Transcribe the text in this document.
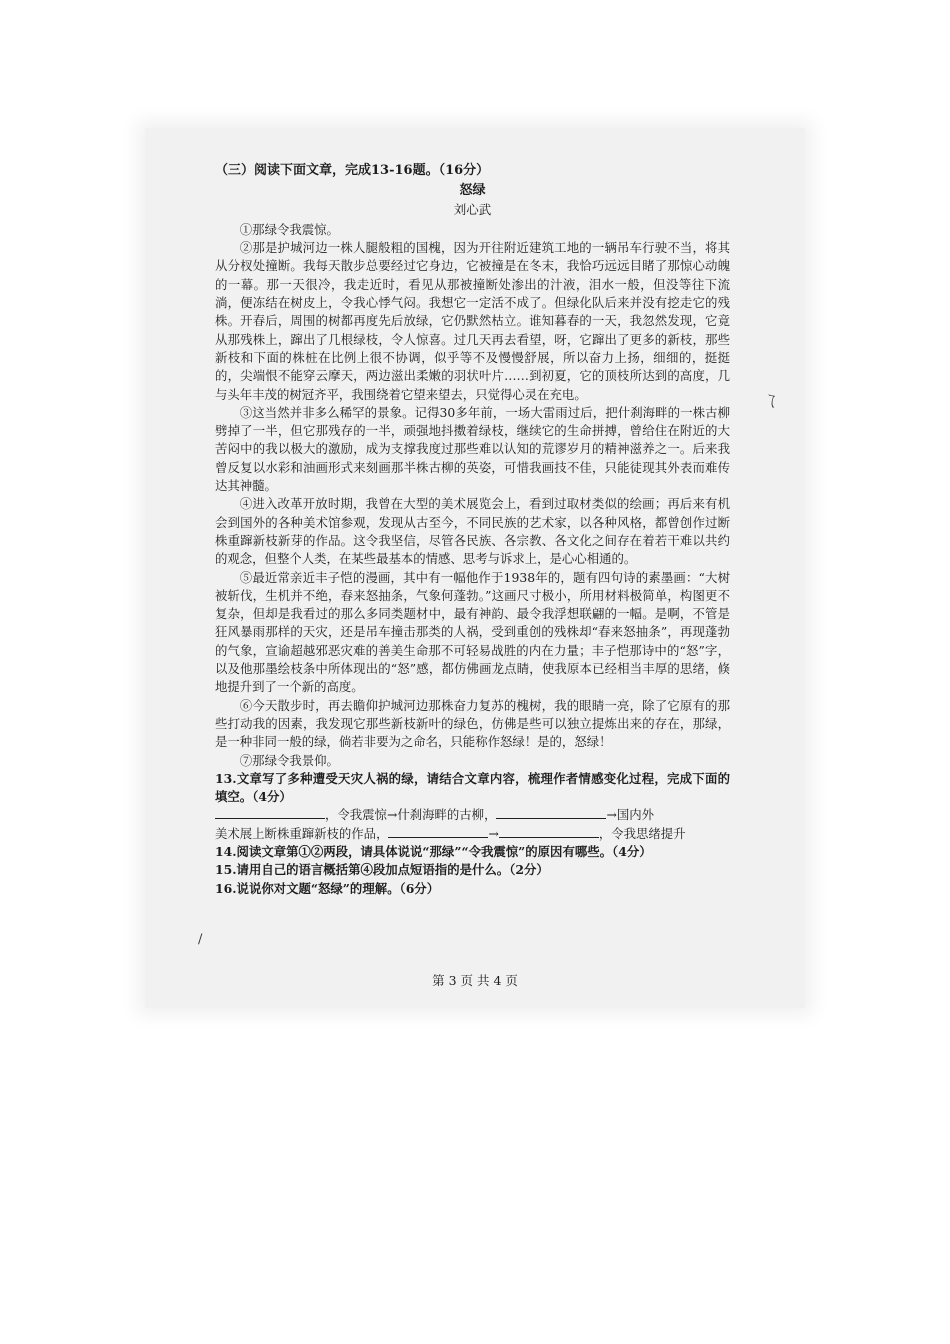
ㄟ
/
（三）阅读下面文章，完成13-16题。（16分）
怒绿
刘心武

①那绿令我震惊。

②那是护城河边一株人腿般粗的国槐，因为开往附近建筑工地的一辆吊车行驶不当，将其从分杈处撞断。我每天散步总要经过它身边，它被撞是在冬末，我恰巧远远目睹了那惊心动魄的一幕。那一天很冷，我走近时，看见从那被撞断处渗出的汁液，泪水一般，但没等往下流淌，便冻结在树皮上，令我心悸气闷。我想它一定活不成了。但绿化队后来并没有挖走它的残株。开春后，周围的树都再度先后放绿，它仍默然枯立。谁知暮春的一天，我忽然发现，它竟从那残株上，蹿出了几根绿枝，令人惊喜。过几天再去看望，呀，它蹿出了更多的新枝，那些新枝和下面的株桩在比例上很不协调，似乎等不及慢慢舒展，所以奋力上扬，细细的，挺挺的，尖端恨不能穿云摩天，两边滋出柔嫩的羽状叶片……到初夏，它的顶枝所达到的高度，几与头年丰茂的树冠齐平，我围绕着它望来望去，只觉得心灵在充电。

③这当然并非多么稀罕的景象。记得30多年前，一场大雷雨过后，把什刹海畔的一株古柳劈掉了一半，但它那残存的一半，顽强地抖擞着绿枝，继续它的生命拼搏，曾给住在附近的大苦闷中的我以极大的激励，成为支撑我度过那些难以认知的荒谬岁月的精神滋养之一。后来我曾反复以水彩和油画形式来刻画那半株古柳的英姿，可惜我画技不佳，只能徒现其外表而难传达其神髓。

④进入改革开放时期，我曾在大型的美术展览会上，看到过取材类似的绘画；再后来有机会到国外的各种美术馆参观，发现从古至今，不同民族的艺术家，以各种风格，都曾创作过断株重蹿新枝新芽的作品。这令我坚信，尽管各民族、各宗教、各文化之间存在着若干难以共约的观念，但整个人类，在某些最基本的情感、思考与诉求上，是心心相通的。

⑤最近常亲近丰子恺的漫画，其中有一幅他作于1938年的，题有四句诗的素墨画：“大树被斩伐，生机并不绝，春来怒抽条，气象何蓬勃。”这画尺寸极小，所用材料极简单，构图更不复杂，但却是我看过的那么多同类题材中，最有神韵、最令我浮想联翩的一幅。是啊，不管是狂风暴雨那样的天灾，还是吊车撞击那类的人祸，受到重创的残株却“春来怒抽条”，再现蓬勃的气象，宣谕超越邪恶灾难的善美生命那不可轻易战胜的内在力量；丰子恺那诗中的“怒”字，以及他那墨绘枝条中所体现出的“怒”感，都仿佛画龙点睛，使我原本已经相当丰厚的思绪，倏地提升到了一个新的高度。

⑥今天散步时，再去瞻仰护城河边那株奋力复苏的槐树，我的眼睛一亮，除了它原有的那些打动我的因素，我发现它那些新枝新叶的绿色，仿佛是些可以独立提炼出来的存在，那绿，是一种非同一般的绿，倘若非要为之命名，只能称作怒绿！是的，怒绿！

⑦那绿令我景仰。

13.文章写了多种遭受天灾人祸的绿，请结合文章内容，梳理作者情感变化过程，完成下面的填空。（4分）

，令我震惊→什刹海畔的古柳，	→国内外
美术展上断株重蹿新枝的作品，	→	，令我思绪提升

14.阅读文章第①②两段，请具体说说“那绿”“令我震惊”的原因有哪些。（4分）

15.请用自己的语言概括第④段加点短语指的是什么。（2分）

16.说说你对文题“怒绿”的理解。（6分）

第 3 页 共 4 页
